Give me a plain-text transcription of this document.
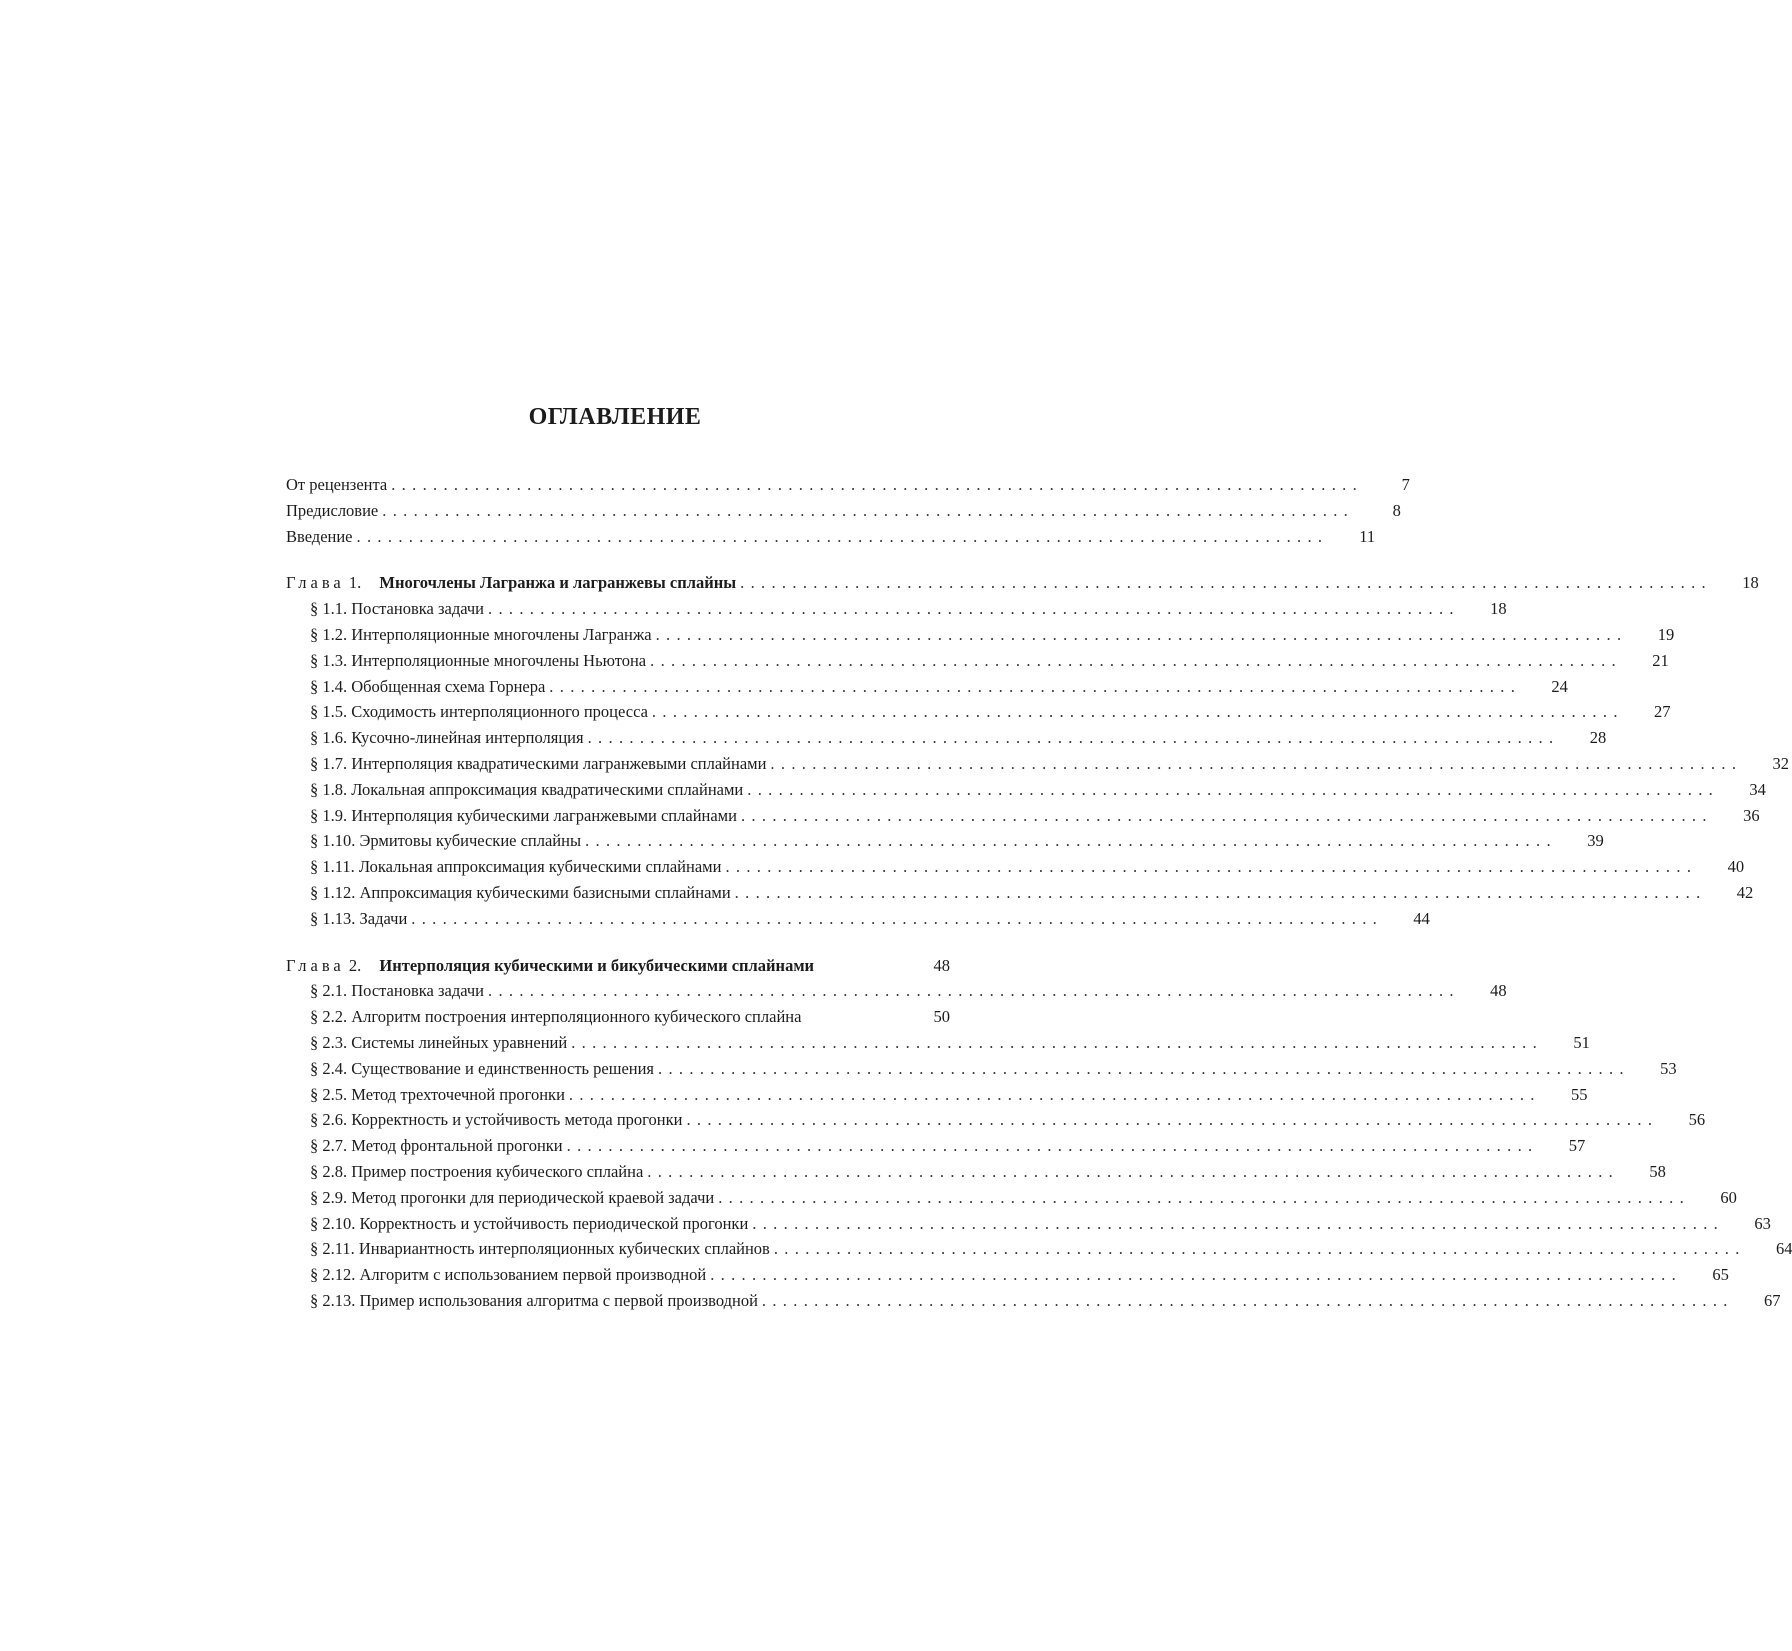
ОГЛАВЛЕНИЕ
От рецензента . . .	7
Предисловие . . .	8
Введение . . .	11
Глава 1. Многочлены Лагранжа и лагранжевы сплайны . . .	18
§ 1.1. Постановка задачи . . .	18
§ 1.2. Интерполяционные многочлены Лагранжа . . .	19
§ 1.3. Интерполяционные многочлены Ньютона . . .	21
§ 1.4. Обобщенная схема Горнера . . .	24
§ 1.5. Сходимость интерполяционного процесса . . .	27
§ 1.6. Кусочно-линейная интерполяция . . .	28
§ 1.7. Интерполяция квадратическими лагранжевыми сплайнами . . .	32
§ 1.8. Локальная аппроксимация квадратическими сплайнами . . .	34
§ 1.9. Интерполяция кубическими лагранжевыми сплайнами . . .	36
§ 1.10. Эрмитовы кубические сплайны . . .	39
§ 1.11. Локальная аппроксимация кубическими сплайнами . . .	40
§ 1.12. Аппроксимация кубическими базисными сплайнами . . .	42
§ 1.13. Задачи . . .	44
Глава 2. Интерполяция кубическими и бикубическими сплайнами	48
§ 2.1. Постановка задачи . . .	48
§ 2.2. Алгоритм построения интерполяционного кубического сплайна	50
§ 2.3. Системы линейных уравнений . . .	51
§ 2.4. Существование и единственность решения . . .	53
§ 2.5. Метод трехточечной прогонки . . .	55
§ 2.6. Корректность и устойчивость метода прогонки . . .	56
§ 2.7. Метод фронтальной прогонки . . .	57
§ 2.8. Пример построения кубического сплайна . . .	58
§ 2.9. Метод прогонки для периодической краевой задачи . . .	60
§ 2.10. Корректность и устойчивость периодической прогонки . . .	63
§ 2.11. Инвариантность интерполяционных кубических сплайнов . . .	64
§ 2.12. Алгоритм с использованием первой производной . . .	65
§ 2.13. Пример использования алгоритма с первой производной . . .	67
